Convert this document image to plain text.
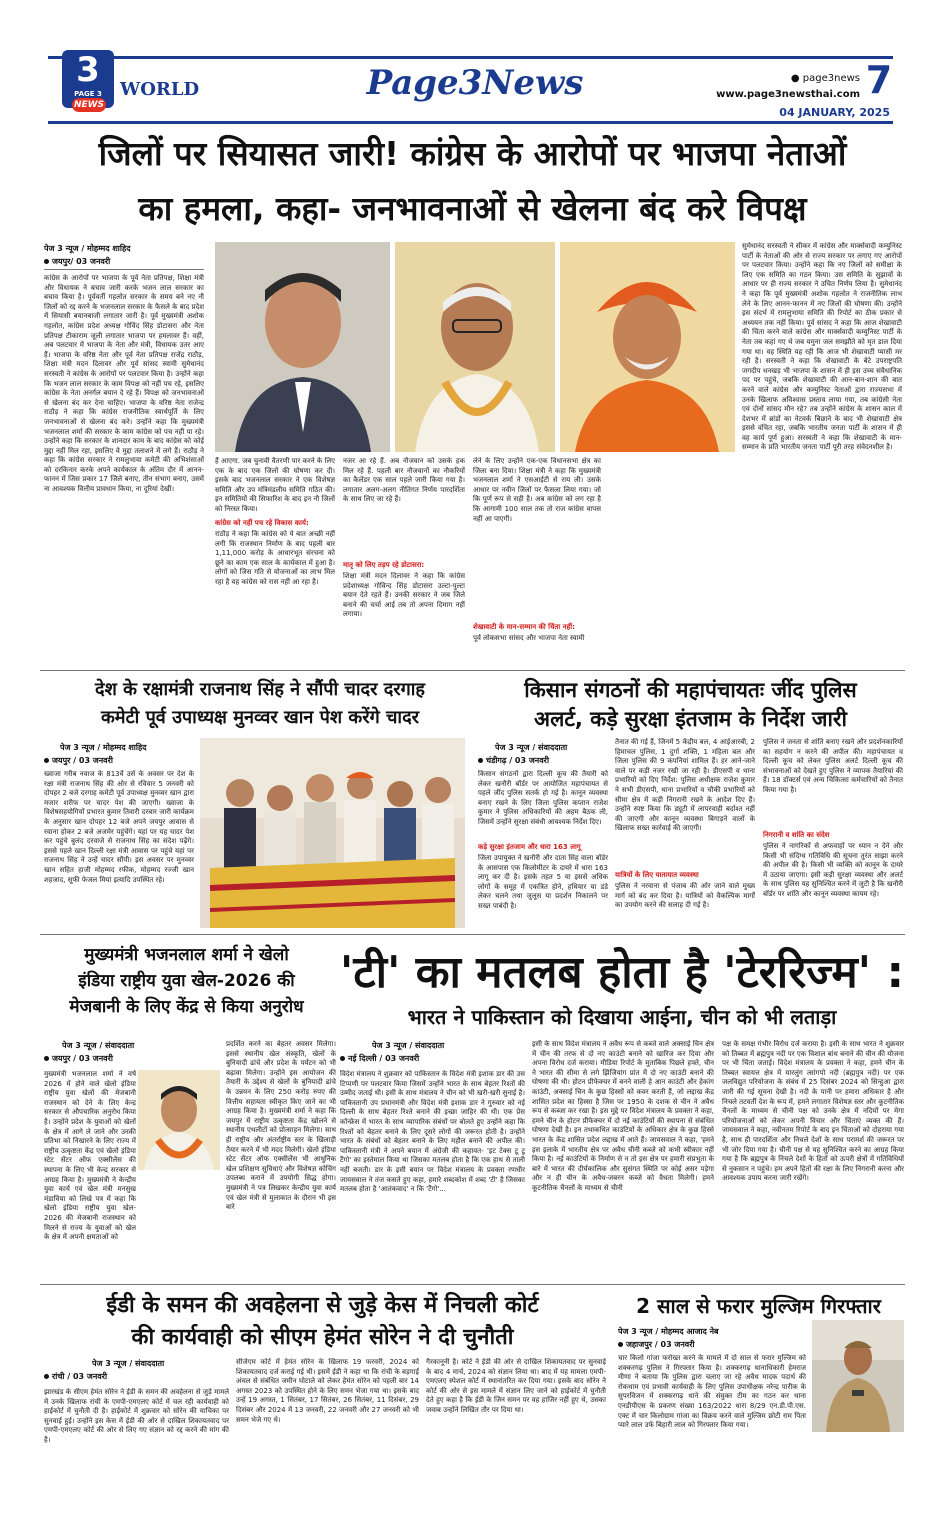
3
PAGE 3
NEWS
WORLD	Page3News	● page3news
www.page3newsthai.com 7
04 JANUARY, 2025
जिलों पर सियासत जारी! कांग्रेस के आरोपों पर भाजपा नेताओं
का हमला, कहा- जनभावनाओं से खेलना बंद करे विपक्ष
पेज 3 न्यूज / मोहम्मद शाहिद
जयपुर/ 03 जनवरी
कांग्रेस के आरोपों पर भाजपा के पूर्व नेता प्रतिपक्ष, शिक्षा मंत्री और विधायक ने बचाव जारी करके भजन लाल सरकार का बचाव किया है। पूर्ववर्ती गहलोत सरकार के समय बने नए नौ जिलों को रद्द करने के भजनलाल सरकार के फैसले के बाद प्रदेश में सियासी बयानबाजी लगातार जारी है। पूर्व मुख्यमंत्री अशोक गहलोत, कांग्रेस प्रदेश अध्यक्ष गोविंद सिंह डोटासरा और नेता प्रतिपक्ष टीकाराम जूली लगातार भाजपा पर हमलावर हैं। वहीं, अब पलटवार में भाजपा के नेता और मंत्री, विधायक उतर आए हैं। भाजपा के वरिष्ठ नेता और पूर्व नेता प्रतिपक्ष राजेंद्र राठौड़, शिक्षा मंत्री मदन दिलावर और पूर्व सांसद स्वामी सुमेधानंद सरस्वती ने कांग्रेस के आरोपों पर पलटवार किया है। उन्होंने कहा कि भजन लाल सरकार के काम विपक्ष को नहीं पच रहे, इसलिए कांग्रेस के नेता अनर्गल बयान दे रहे हैं। विपक्ष को जनभावनाओं से खेलना बंद कर देना चाहिए। भाजपा के वरिष्ठ नेता राजेन्द्र राठौड़ ने कहा कि कांग्रेस राजनीतिक स्वार्थपूर्ति के लिए जनभावनाओं से खेलना बंद करे। उन्होंने कहा कि मुख्यमंत्री भजनलाल शर्मा की सरकार के काम कांग्रेस को पच नहीं पा रहे। उन्होंने कहा कि सरकार के शानदार काम के बाद कांग्रेस को कोई मुद्दा नहीं मिल रहा, इसलिए वे मुद्दा तलाशने में लगे हैं। राठौड़ ने कहा कि कांग्रेस सरकार ने रामलुभाया कमेटी की अभिशंसाओं को दरकिनार करके अपने कार्यकाल के अंतिम दौर में आनन-फानन में जिस प्रकार 17 जिले बनाए, तीन संभाग बनाए, उसमें ना आवश्यक वित्तीय प्रावधान किया, ना दूरियां देखीं।
हैं आएगा. जब चुनावी वैतरणी पार करने के लिए एक के बाद एक जिलों की घोषणा कर दी। इसके बाद भजनलाल सरकार ने एक विशेषज्ञ समिति और उप मंत्रिमंडलीय समिति गठित की। इन समितियों की सिफारिश के बाद इन नौ जिलों को निरस्त किया।
कांग्रेस को नहीं पच रहे विकास कार्य:
राठौड़ ने कहा कि कांग्रेस को ये बात अच्छी नहीं लगी कि राजस्थान निर्माण के बाद पहली बार 1,11,000 करोड़ के आधारभूत संरचना को छूने का काम एक साल के कार्यकाल में हुआ है। लोगों को जिस गति से योजनाओं का लाभ मिल रहा है वह कांग्रेस को रास नहीं आ रहा है।
नजर आ रहे हैं. अब नौजवान को उसके हक मिल रहे हैं. पहली बार नौजवानों का नौकरियों का कैलेंडर एक साल पहले जारी किया गया है। लगातार अलग-अलग नीतिगत निर्णय पारदर्शिता के साथ लिए जा रहे हैं।
मातृ को लिए तड़प रहे डोटासरा:
शिक्षा मंत्री मदन दिलावर ने कहा कि कांग्रेस प्रदेशाध्यक्ष गोविन्द सिंह डोटासरा उल्टा-पुल्टा बयान देते रहते हैं। उनकी सरकार ने जब जिले बनाने की चर्चा आई तब तो अपना दिमाग नहीं लगाया।
लेने के लिए उन्होंने एक-एक विधानसभा क्षेत्र का जिला बना दिया। शिक्षा मंत्री ने कहा कि मुख्यमंत्री भजनलाल शर्मा ने एसआईटी से राय ली। उसके आधार पर नवीन जिलों पर फैसला लिया गया। जो कि पूर्ण रूप से सही है। अब कांग्रेस को लग रहा है कि आगामी 100 साल तक तो राज कांग्रेस वापस नहीं आ पाएगी।
शेखावाटी के मान-सम्मान की चिंता नहीं:
पूर्व लोकसभा सांसद और भाजपा नेता स्वामी
सुमेधानंद सरस्वती ने सीकर में कांग्रेस और मार्क्सवादी कम्युनिस्ट पार्टी के नेताओं की ओर से राज्य सरकार पर लगाए गए आरोपों पर पलटवार किया। उन्होंने कहा कि नए जिलों को समीक्षा के लिए एक समिति का गठन किया। उस समिति के सुझावों के आधार पर ही राज्य सरकार ने उचित निर्णय लिया है। सुमेधानंद ने कहा कि पूर्व मुख्यमंत्री अशोक गहलोत ने राजनीतिक लाभ लेने के लिए आनन-फानन में नए जिलों की घोषणा की। उन्होंने इस संदर्भ में रामलुभाया समिति की रिपोर्ट का ठीक प्रकार से अध्ययन तक नहीं किया। पूर्व सांसद ने कहा कि आज शेखावाटी की चिंता करने वाले कांग्रेस और मार्क्सवादी कम्युनिस्ट पार्टी के नेता तब कहां गए थे जब यमुना जल समझौते को मृत डाल दिया गया था। वह स्थिति यह रही कि आज भी शेखावाटी प्यासी मर रही है। सरस्वती ने कहा कि शेखावाटी के बेटे उपराष्ट्रपति जगदीप धनखड़ भी भाजपा के शासन में ही इस उच्च संवैधानिक पद पर पहुंचे, जबकि शेखावाटी की आन-बान-शान की बात करने वाले कांग्रेस और कम्युनिस्ट नेताओं द्वारा राज्यसभा में उनके खिलाफ अविश्वास प्रस्ताव लाया गया, तब कांग्रेसी नेता एवं दोनों सांसद मौन रहे? तब उन्होंने कांग्रेस के शासन काल में देशभर में ब्रांडों का नेटवर्क बिछाने के बाद भी शेखावाटी क्षेत्र इससे वंचित रहा, जबकि भारतीय जनता पार्टी के शासन में ही वह कार्य पूर्ण हुआ। सरस्वती ने कहा कि शेखावाटी के मान-सम्मान के प्रति भारतीय जनता पार्टी पूरी तरह संवेदनशील है।
देश के रक्षामंत्री राजनाथ सिंह ने सौंपी चादर दरगाह
कमेटी पूर्व उपाध्यक्ष मुनव्वर खान पेश करेंगे चादर
पेज 3 न्यूज / मोहम्मद शाहिद
जयपुर / 03 जनवरी
ख्वाजा गरीब नवाज के 813वें उर्स के अवसर पर देश के रक्षा मंत्री राजनाथ सिंह की ओर से रविवार 5 जनवरी को दोपहर 2 बजे दरगाह कमेटी पूर्व उपाध्यक्ष मुनव्वर खान द्वारा मजार शरीफ पर चादर पेश की जाएगी। ख्वाजा के विशेषसहयोगियों प्रभारत कुमार तिवारी दरबार जारी कार्यक्रम के अनुसार खान दोपहर 12 बजे अपने जयपुर आवास से रवाना होकर 2 बजे अजमेर पहुंचेंगे। यहां पर यह चादर पेश कर पहुंचे बुलंद दरवाजे से राजनाथ सिंह का संदेश पढ़ेंगे। इससे पहले खान दिल्ली रक्षा मंत्री आवास पर पहुंचे यहां पर राजनाथ सिंह ने उन्हें चादर सौंपी। इस अवसर पर मुनव्वर खान सहित हाजी मोहम्मद रफीक, मोहम्मद रज्जी खान शहजाद, सूफी फेजल मियां इत्यादि उपस्थित रहे।
किसान संगठनों की महापंचायतः जींद पुलिस
अलर्ट, कड़े सुरक्षा इंतजाम के निर्देश जारी
पेज 3 न्यूज / संवाददाता
चंडीगढ़ / 03 जनवरी
किसान संगठनों द्वारा दिल्ली कूच की तैयारी को लेकर खनौरी बॉर्डर पर आयोजित महापंचायत से पहले जींद पुलिस सतर्क हो गई है। कानून व्यवस्था बनाए रखने के लिए जिला पुलिस कप्तान राजेश कुमार ने पुलिस अधिकारियों की अहम बैठक ली, जिसमें उन्होंने सुरक्षा संबंधी आवश्यक निर्देश दिए।
कड़े सुरक्षा इंतजाम और धारा 163 लागू
जिला उपायुक्त ने खनौरी और दाता सिंह वाला बॉर्डर के आसपास एक किलोमीटर के दायरे में धारा 163 लागू कर दी है। इसके तहत 5 या इससे अधिक लोगों के समूह में एकत्रित होने, हथियार या डंडे लेकर चलने तथा जुलूस या प्रदर्शन निकालने पर सख्त पाबंदी है।
तैनात की गई हैं, जिनमें 5 केंद्रीय बल, 4 आईआरबी, 2 हिमाचल पुलिस, 1 दुर्गा शक्ति, 1 महिला बल और जिला पुलिस की 9 कंपनियां शामिल हैं। हर आने-जाने वाले पर कड़ी नजर रखी जा रही है। डीएसपी व थाना प्रभारियों को दिए निर्देश: पुलिस अधीक्षक राजेश कुमार ने सभी डीएसपी, थाना प्रभारियों व चौकी प्रभारियों को सीमा क्षेत्र में कड़ी निगरानी रखने के आदेश दिए हैं। उन्होंने स्पष्ट किया कि ड्यूटी में लापरवाही बर्दाश्त नहीं की जाएगी और कानून व्यवस्था बिगाड़ने वालों के खिलाफ सख्त कार्रवाई की जाएगी।
यात्रियों के लिए यातायात व्यवस्था
पुलिस ने नरवाना से पंजाब की ओर जाने वाले मुख्य मार्ग को बंद कर दिया है। यात्रियों को वैकल्पिक मार्गों का उपयोग करने की सलाह दी गई है।
पुलिस ने जनता से शांति बनाए रखने और प्रदर्शनकारियों का सहयोग न करने की अपील की। महापंचायत व दिल्ली कूच को लेकर पुलिस अलर्ट दिल्ली कूच की संभावनाओं को देखते हुए पुलिस ने व्यापक तैयारियां की हैं। 18 डॉक्टर्स एवं अन्य चिकित्सा कर्मचारियों को तैनात किया गया है।
निगरानी व शांति का संदेश
पुलिस ने नागरिकों से अफवाहों पर ध्यान न देने और किसी भी संदिग्ध गतिविधि की सूचना तुरंत साझा करने की अपील की है। किसी भी व्यक्ति को कानून के दायरे में उठाया जाएगा। इसी कड़ी सुरक्षा व्यवस्था और अलर्ट के साथ पुलिस यह सुनिश्चित करने में जुटी है कि खनौरी बॉर्डर पर शांति और कानून व्यवस्था कायम रहे।
मुख्यमंत्री भजनलाल शर्मा ने खेलो
इंडिया राष्ट्रीय युवा खेल-2026 की
मेजबानी के लिए केंद्र से किया अनुरोध
पेज 3 न्यूज / संवाददाता
जयपुर / 03 जनवरी
मुख्यमंत्री भजनलाल शर्मा ने वर्ष 2026 में होने वाले खेलो इंडिया राष्ट्रीय युवा खेलों की मेजबानी राजस्थान को देने के लिए केन्द्र सरकार से औपचारिक अनुरोध किया है। उन्होंने प्रदेश के युवाओं को खेलों के क्षेत्र में आगे ले जाने और उनकी प्रतिभा को निखारने के लिए राज्य में राष्ट्रीय उत्कृष्टता केंद्र एवं खेलो इंडिया स्टेट सेंटर ऑफ एक्सीलेंस की स्थापना के लिए भी केन्द्र सरकार से आग्रह किया है। मुख्यमंत्री ने केन्द्रीय युवा कार्य एवं खेल मंत्री मनसुख मंडाविया को लिखे पत्र में कहा कि खेलो इंडिया राष्ट्रीय युवा खेल- 2026 की मेजबानी राजस्थान को मिलने से राज्य के युवाओं को खेल के क्षेत्र में अपनी क्षमताओं को
प्रदर्शित करने का बेहतर अवसर मिलेगा। इससे स्थानीय खेल संस्कृति, खेलों के बुनियादी ढांचे और प्रदेश के पर्यटन को भी बढ़ावा मिलेगा। उन्होंने इस आयोजन की तैयारी के उद्देश्य से खेलों के बुनियादी ढांचे के उन्नयन के लिए 250 करोड़ रुपए की वित्तीय सहायता स्वीकृत किए जाने का भी आग्रह किया है। मुख्यमंत्री शर्मा ने कहा कि जयपुर में राष्ट्रीय उत्कृष्टता केंद्र खोलने से स्थानीय एथलीटों को प्रोत्साहन मिलेगा। साथ ही राष्ट्रीय और अंतर्राष्ट्रीय स्तर के खिलाड़ी तैयार करने में भी मदद मिलेगी। खेलो इंडिया स्टेट सेंटर ऑफ एक्सीलेंस भी आधुनिक खेल प्रशिक्षण सुविधाएं और विशेषज्ञ कोचिंग उपलब्ध कराने में उपयोगी सिद्ध होगा। मुख्यमंत्री ने पत्र लिखकर केन्द्रीय युवा कार्य एवं खेल मंत्री से मुलाकात के दौरान भी इस बारे
'टी' का मतलब होता है 'टेररिज्म' :
भारत ने पाकिस्तान को दिखाया आईना, चीन को भी लताड़ा
पेज 3 न्यूज / संवाददाता
नई दिल्ली / 03 जनवरी
विदेश मंत्रालय ने शुक्रवार को पाकिस्तान के विदेश मंत्री इशाक डार की उस टिप्पणी पर पलटवार किया जिसमें उन्होंने भारत के साथ बेहतर रिश्तों की उम्मीद जताई थी। इसी के साथ मंत्रालय ने चीन को भी खरी-खरी सुनाई है। पाकिस्तानी उप प्रधानमंत्री और विदेश मंत्री इशाक डार ने गुरुवार को नई दिल्ली के साथ बेहतर रिश्ते बनाने की इच्छा जाहिर की थी। एक प्रेस कॉन्फ्रेंस में भारत के साथ व्यापारिक संबंधों पर बोलते हुए उन्होंने कहा कि रिश्तों को बेहतर बनाने के लिए दूसरे लोगों की जरूरत होती है। उन्होंने भारत के संबंधों को बेहतर बनाने के लिए महौल बनाने की अपील की। पाकिस्तानी मंत्री ने अपने बयान में अंग्रेजी की कहावत- 'इट टेक्स टू टू टैंगो' का इस्तेमाल किया था जिसका मतलब होता है कि एक हाथ से ताली नहीं बजती। डार के इसी बयान पर विदेश मंत्रालय के प्रवक्ता रणधीर जायसवाल ने तंज कसते हुए कहा, हमारे शब्दकोश में शब्द 'टी' है जिसका मतलब होता है 'आतंकवाद' न कि 'टैंगो'...
इसी के साथ विदेश मंत्रालय ने अवैध रूप से कब्जे वाले अक्साई चिन क्षेत्र में चीन की तरफ से दो नए काउंटी बनाने को खारिज कर दिया और अपना विरोध दर्ज कराया। मीडिया रिपोर्ट के मुताबिक पिछले हफ्ते, चीन ने भारत की सीमा से लगे झिंजियांग प्रांत में दो नए काउंटी बनाने की घोषणा की थी। होटन प्रीफेक्चर में बनने वाली हे आन काउंटी और हेकांग काउंटी, अक्साई चिन के कुछ हिस्सों को कवर करती हैं, जो लद्दाख केंद्र शासित प्रदेश का हिस्सा है जिस पर 1950 के दशक से चीन ने अवैध रूप से कब्जा कर रखा है। इस मुद्दे पर विदेश मंत्रालय के प्रवक्ता ने कहा, हमने चीन के होटन प्रीफेक्चर में दो नई काउंटियों की स्थापना से संबंधित घोषणा देखी है। इन तथाकथित काउंटियों के अधिकार क्षेत्र के कुछ हिस्से भारत के केंद्र शासित प्रदेश लद्दाख में आते हैं। जायसवाल ने कहा, 'हमने इस इलाके में भारतीय क्षेत्र पर अवैध चीनी कब्जे को कभी स्वीकार नहीं किया है। नई काउंटियों के निर्माण से न तो इस क्षेत्र पर हमारी संप्रभुता के बारे में भारत की दीर्घकालिक और सुसंगत स्थिति पर कोई असर पड़ेगा और न ही चीन के अवैध-जबरन कब्जे को वैधता मिलेगी। हमने कूटनीतिक चैनलों के माध्यम से चीनी
पक्ष के समक्ष गंभीर विरोध दर्ज कराया है। इसी के साथ भारत ने शुक्रवार को तिब्बत में ब्रह्मपुत्र नदी पर एक विशाल बांध बनाने की चीन की योजना पर भी चिंता जताई। विदेश मंत्रालय के प्रवक्ता ने कहा, हमने चीन के तिब्बत स्वायत्त क्षेत्र में यारलुंग त्सांगपो नदी (ब्रह्मपुत्र नदी) पर एक जलविद्युत परियोजना के संबंध में 25 दिसंबर 2024 को सिन्हुआ द्वारा जारी की गई सूचना देखी है। नदी के पानी पर हमारा अधिकार है और निचले तटवर्ती देश के रूप में, हमने लगातार विशेषज्ञ स्तर और कूटनीतिक चैनलों के माध्यम से चीनी पक्ष को उनके क्षेत्र में नदियों पर मेगा परियोजनाओं को लेकर अपनी विचार और चिंताएं व्यक्त की हैं। जायसवाल ने कहा, नवीनतम रिपोर्ट के बाद इन चिंताओं को दोहराया गया है, साथ ही पारदर्शिता और निचले देशों के साथ परामर्श की जरूरत पर भी जोर दिया गया है। चीनी पक्ष से यह सुनिश्चित करने का आग्रह किया गया है कि ब्रह्मपुत्र के निचले देशों के हितों को ऊपरी क्षेत्रों में गतिविधियों से नुकसान न पहुंचे। हम अपने हितों की रक्षा के लिए निगरानी करना और आवश्यक उपाय करना जारी रखेंगे।
ईडी के समन की अवहेलना से जुड़े केस में निचली कोर्ट
की कार्यवाही को सीएम हेमंत सोरेन ने दी चुनौती
पेज 3 न्यूज / संवाददाता
रांची / 03 जनवरी
झारखंड के सीएम हेमंत सोरेन ने ईडी के समन की अवहेलना से जुड़े मामले में उनके खिलाफ रांची के एमपी-एमएलए कोर्ट में चल रही कार्यवाही को हाईकोर्ट में चुनौती दी है। हाईकोर्ट में शुक्रवार को सोरेन की याचिका पर सुनवाई हुई। उन्होंने इस केस में ईडी की ओर से दाखिल शिकायतवाद पर एमपी-एमएलए कोर्ट की ओर से लिए गए संज्ञान को रद्द करने की मांग की है।
सीजेएम कोर्ट में हेमंत सोरेन के खिलाफ 19 फरवरी, 2024 को शिकायतवाद दर्ज कराई गई थी। इसमें ईडी ने कहा था कि रांची के बड़गाईं अंचल से संबंधित जमीन घोटाले को लेकर हेमंत सोरेन को पहली बार 14 अगस्त 2023 को उपस्थित होने के लिए समन भेजा गया था। इसके बाद उन्हें 19 अगस्त, 1 सितंबर, 17 सितंबर, 26 सितंबर, 11 दिसंबर, 29 दिसंबर और 2024 में 13 जनवरी, 22 जनवरी और 27 जनवरी को भी समन भेजे गए थे।
गैरकानूनी है। कोर्ट ने ईडी की ओर से दाखिल शिकायतवाद पर सुनवाई के बाद 4 मार्च, 2024 को संज्ञान लिया था। बाद में यह मामला एमपी-एमएलए स्पेशल कोर्ट में स्थानांतरित कर दिया गया। इसके बाद सोरेन ने कोर्ट की ओर से इस मामले में संज्ञान लिए जाने को हाईकोर्ट में चुनौती देते हुए कहा है कि ईडी के जिन समन पर वह हाजिर नहीं हुए थे, उसका जवाब उन्होंने लिखित तौर पर दिया था।
2 साल से फरार मुल्जिम गिरफ्तार
पेज 3 न्यूज / मोहम्मद आजाद नेब
जहाजपुर / 03 जनवरी
चार किलो गांजा फरोख्त करने के मामले में दो साल से फरार मुल्जिम को शक्करगढ़ पुलिस ने गिरफ्तार किया है। शक्करगढ़ थानाधिकारी हेमराज मीणा ने बताया कि पुलिस द्वारा चलाए जा रहे अवैध मादक पदार्थ की रोकथाम एवं प्रभावी कार्यवाही के लिए पुलिस उपाधीक्षक नरेन्द्र पारीक के सुपरविजन में शक्करगढ़ थाने की संयुक्त टीम का गठन कर थाना एनडीपीएस के प्रकरण संख्या 163/2022 धारा 8/29 एन.डी.पी.एस. एक्ट में चार किलोग्राम गांजा का विक्रय करने वाले मुल्जिम छोटी राम पिता प्यारे लाल उर्फ बिहारी लाल को गिरफ्तार किया गया।
